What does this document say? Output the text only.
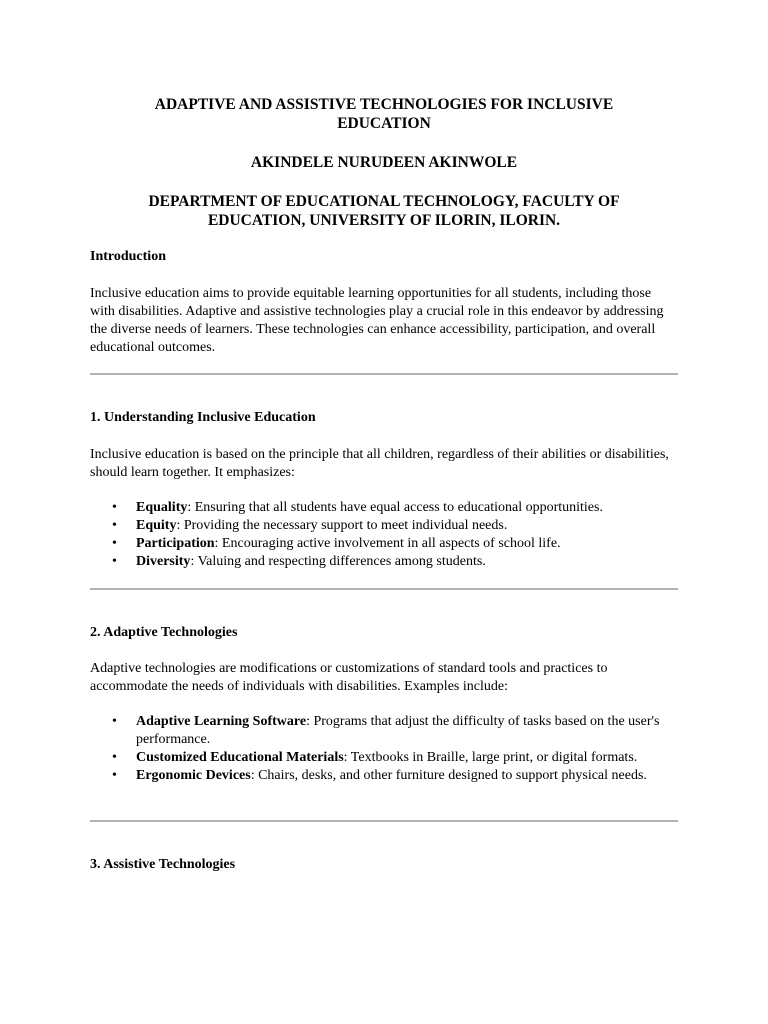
ADAPTIVE AND ASSISTIVE TECHNOLOGIES FOR INCLUSIVE
EDUCATION
AKINDELE NURUDEEN AKINWOLE
DEPARTMENT OF EDUCATIONAL TECHNOLOGY, FACULTY OF
EDUCATION, UNIVERSITY OF ILORIN, ILORIN.
Introduction
Inclusive education aims to provide equitable learning opportunities for all students, including those with disabilities. Adaptive and assistive technologies play a crucial role in this endeavor by addressing the diverse needs of learners. These technologies can enhance accessibility, participation, and overall educational outcomes.
1. Understanding Inclusive Education
Inclusive education is based on the principle that all children, regardless of their abilities or disabilities, should learn together. It emphasizes:
• Equality: Ensuring that all students have equal access to educational opportunities.
• Equity: Providing the necessary support to meet individual needs.
• Participation: Encouraging active involvement in all aspects of school life.
• Diversity: Valuing and respecting differences among students.
2. Adaptive Technologies
Adaptive technologies are modifications or customizations of standard tools and practices to accommodate the needs of individuals with disabilities. Examples include:
• Adaptive Learning Software: Programs that adjust the difficulty of tasks based on the user's performance.
• Customized Educational Materials: Textbooks in Braille, large print, or digital formats.
• Ergonomic Devices: Chairs, desks, and other furniture designed to support physical needs.
3. Assistive Technologies
